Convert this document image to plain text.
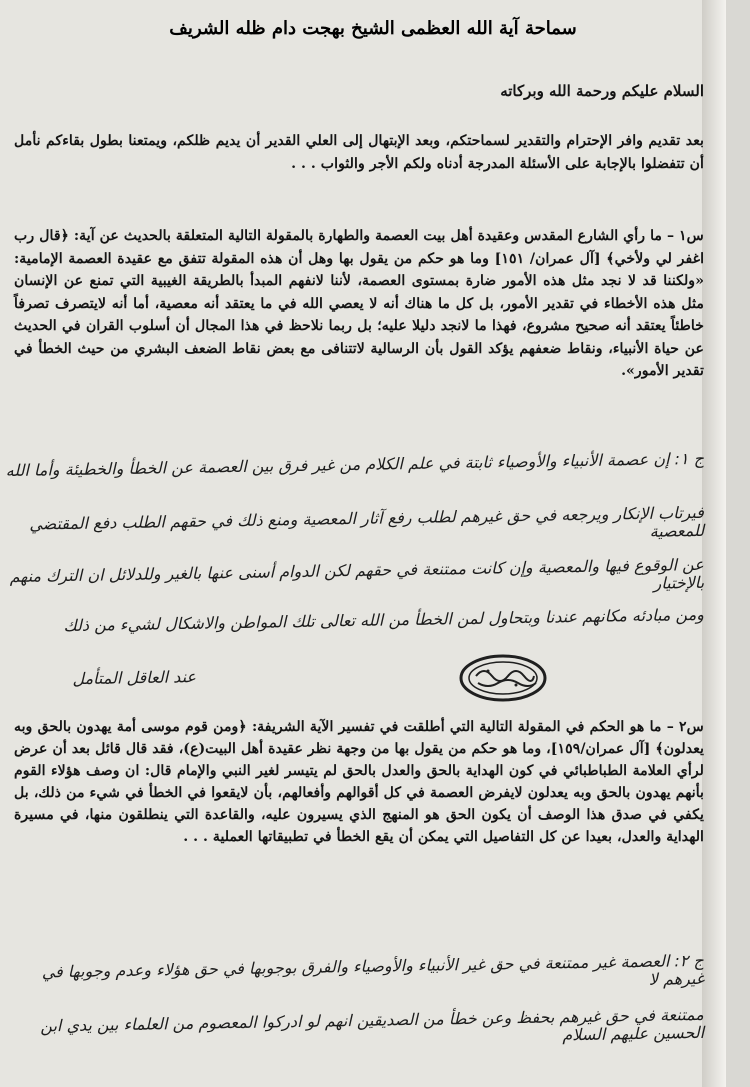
سماحة آية الله العظمى الشيخ بهجت دام ظله الشريف
السلام عليكم ورحمة الله وبركاته
بعد تقديم وافر الإحترام والتقدير لسماحتكم، وبعد الإبتهال إلى العلي القدير أن يديم ظلكم، ويمتعنا بطول بقاءكم نأمل أن تتفضلوا بالإجابة على الأسئلة المدرجة أدناه ولكم الأجر والثواب . . .
س١ – ما رأي الشارع المقدس وعقيدة أهل بيت العصمة والطهارة بالمقولة التالية المتعلقة بالحديث عن آية: ﴿قال رب اغفر لي ولأخي﴾ [آل عمران/ ١٥١] وما هو حكم من يقول بها وهل أن هذه المقولة تتفق مع عقيدة العصمة الإمامية: «ولكننا قد لا نجد مثل هذه الأمور ضارة بمستوى العصمة، لأننا لانفهم المبدأ بالطريقة الغيبية التي تمنع عن الإنسان مثل هذه الأخطاء في تقدير الأمور، بل كل ما هناك أنه لا يعصي الله في ما يعتقد أنه معصية، أما أنه لايتصرف تصرفاً خاطئاً يعتقد أنه صحيح مشروع، فهذا ما لانجد دليلا عليه؛ بل ربما نلاحظ في هذا المجال أن أسلوب القران في الحديث عن حياة الأنبياء، ونقاط ضعفهم يؤكد القول بأن الرسالية لاتتنافى مع بعض نقاط الضعف البشري من حيث الخطأ في تقدير الأمور».
ج ١: إن عصمة الأنبياء والأوصياء ثابتة في علم الكلام من غير فرق بين العصمة عن الخطأ والخطيئة وأما الله
فيرتاب الإنكار ويرجعه في حق غيرهم لطلب رفع آثار المعصية ومنع ذلك في حقهم الطلب دفع المقتضي للمعصية
عن الوقوع فيها والمعصية وإن كانت ممتنعة في حقهم لكن الدوام أسنى عنها بالغير وللدلائل ان الترك منهم بالإختيار
ومن مبادئه مكانهم عندنا وبتحاول لمن الخطأ من الله تعالى تلك المواطن والاشكال لشيء من ذلك
عند العاقل المتأمل
س٢ – ما هو الحكم في المقولة التالية التي أطلقت في تفسير الآية الشريفة: ﴿ومن قوم موسى أمة يهدون بالحق وبه يعدلون﴾ [آل عمران/١٥٩]، وما هو حكم من يقول بها من وجهة نظر عقيدة أهل البيت(ع)، فقد قال قائل بعد أن عرض لرأي العلامة الطباطبائي في كون الهداية بالحق والعدل بالحق لم يتيسر لغير النبي والإمام قال: ان وصف هؤلاء القوم بأنهم يهدون بالحق وبه يعدلون لايفرض العصمة في كل أقوالهم وأفعالهم، بأن لايقعوا في الخطأ في شيء من ذلك، بل يكفي في صدق هذا الوصف أن يكون الحق هو المنهج الذي يسيرون عليه، والقاعدة التي ينطلقون منها، في مسيرة الهداية والعدل، بعيدا عن كل التفاصيل التي يمكن أن يقع الخطأ في تطبيقاتها العملية . . .
ج ٢: العصمة غير ممتنعة في حق غير الأنبياء والأوصياء والفرق بوجوبها في حق هؤلاء وعدم وجوبها في غيرهم لا
ممتنعة في حق غيرهم بحفظ وعن خطأ من الصديقين انهم لو ادركوا المعصوم من العلماء بين يدي ابن الحسين عليهم السلام
